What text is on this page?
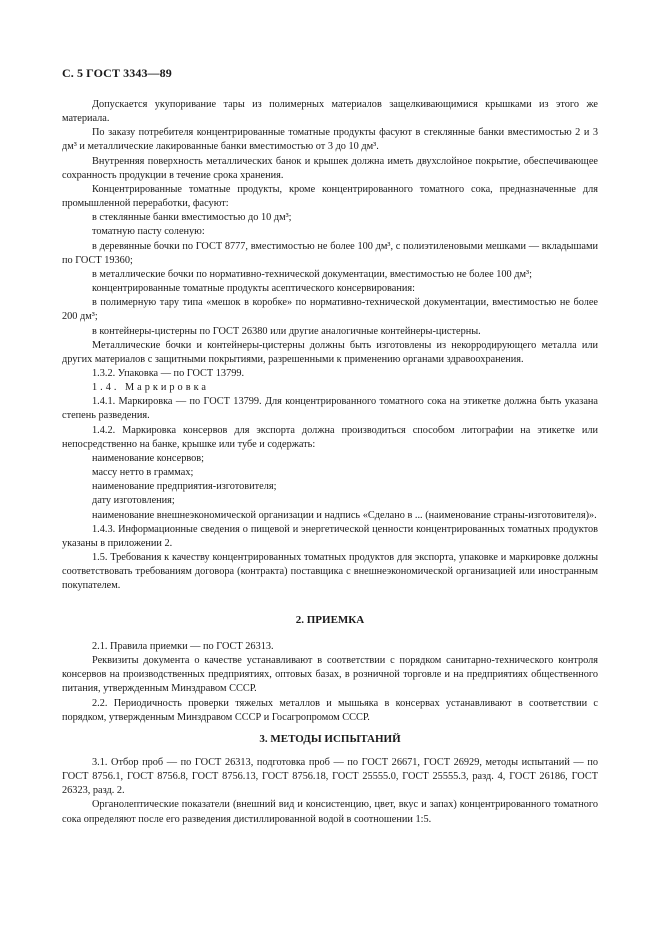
С. 5 ГОСТ 3343—89

Допускается укупоривание тары из полимерных материалов защелкивающимися крышками из этого же материала.

По заказу потребителя концентрированные томатные продукты фасуют в стеклянные банки вместимостью 2 и 3 дм³ и металлические лакированные банки вместимостью от 3 до 10 дм³.

Внутренняя поверхность металлических банок и крышек должна иметь двухслойное покрытие, обеспечивающее сохранность продукции в течение срока хранения.

Концентрированные томатные продукты, кроме концентрированного томатного сока, предназначенные для промышленной переработки, фасуют:

в стеклянные банки вместимостью до 10 дм³;

томатную пасту соленую:

в деревянные бочки по ГОСТ 8777, вместимостью не более 100 дм³, с полиэтиленовыми мешками — вкладышами по ГОСТ 19360;

в металлические бочки по нормативно-технической документации, вместимостью не более 100 дм³;

концентрированные томатные продукты асептического консервирования:

в полимерную тару типа «мешок в коробке» по нормативно-технической документации, вместимостью не более 200 дм³;

в контейнеры-цистерны по ГОСТ 26380 или другие аналогичные контейнеры-цистерны.

Металлические бочки и контейнеры-цистерны должны быть изготовлены из некорродирующего металла или других материалов с защитными покрытиями, разрешенными к применению органами здравоохранения.

1.3.2. Упаковка — по ГОСТ 13799.

1.4. Маркировка

1.4.1. Маркировка — по ГОСТ 13799. Для концентрированного томатного сока на этикетке должна быть указана степень разведения.

1.4.2. Маркировка консервов для экспорта должна производиться способом литографии на этикетке или непосредственно на банке, крышке или тубе и содержать:

наименование консервов;

массу нетто в граммах;

наименование предприятия-изготовителя;

дату изготовления;

наименование внешнеэкономической организации и надпись «Сделано в ... (наименование страны-изготовителя)».

1.4.3. Информационные сведения о пищевой и энергетической ценности концентрированных томатных продуктов указаны в приложении 2.

1.5. Требования к качеству концентрированных томатных продуктов для экспорта, упаковке и маркировке должны соответствовать требованиям договора (контракта) поставщика с внешнеэкономической организацией или иностранным покупателем.

2. ПРИЕМКА

2.1. Правила приемки — по ГОСТ 26313.

Реквизиты документа о качестве устанавливают в соответствии с порядком санитарно-технического контроля консервов на производственных предприятиях, оптовых базах, в розничной торговле и на предприятиях общественного питания, утвержденным Минздравом СССР.

2.2. Периодичность проверки тяжелых металлов и мышьяка в консервах устанавливают в соответствии с порядком, утвержденным Минздравом СССР и Госагропромом СССР.

3. МЕТОДЫ ИСПЫТАНИЙ

3.1. Отбор проб — по ГОСТ 26313, подготовка проб — по ГОСТ 26671, ГОСТ 26929, методы испытаний — по ГОСТ 8756.1, ГОСТ 8756.8, ГОСТ 8756.13, ГОСТ 8756.18, ГОСТ 25555.0, ГОСТ 25555.3, разд. 4, ГОСТ 26186, ГОСТ 26323, разд. 2.

Органолептические показатели (внешний вид и консистенцию, цвет, вкус и запах) концентрированного томатного сока определяют после его разведения дистиллированной водой в соотношении 1:5.
